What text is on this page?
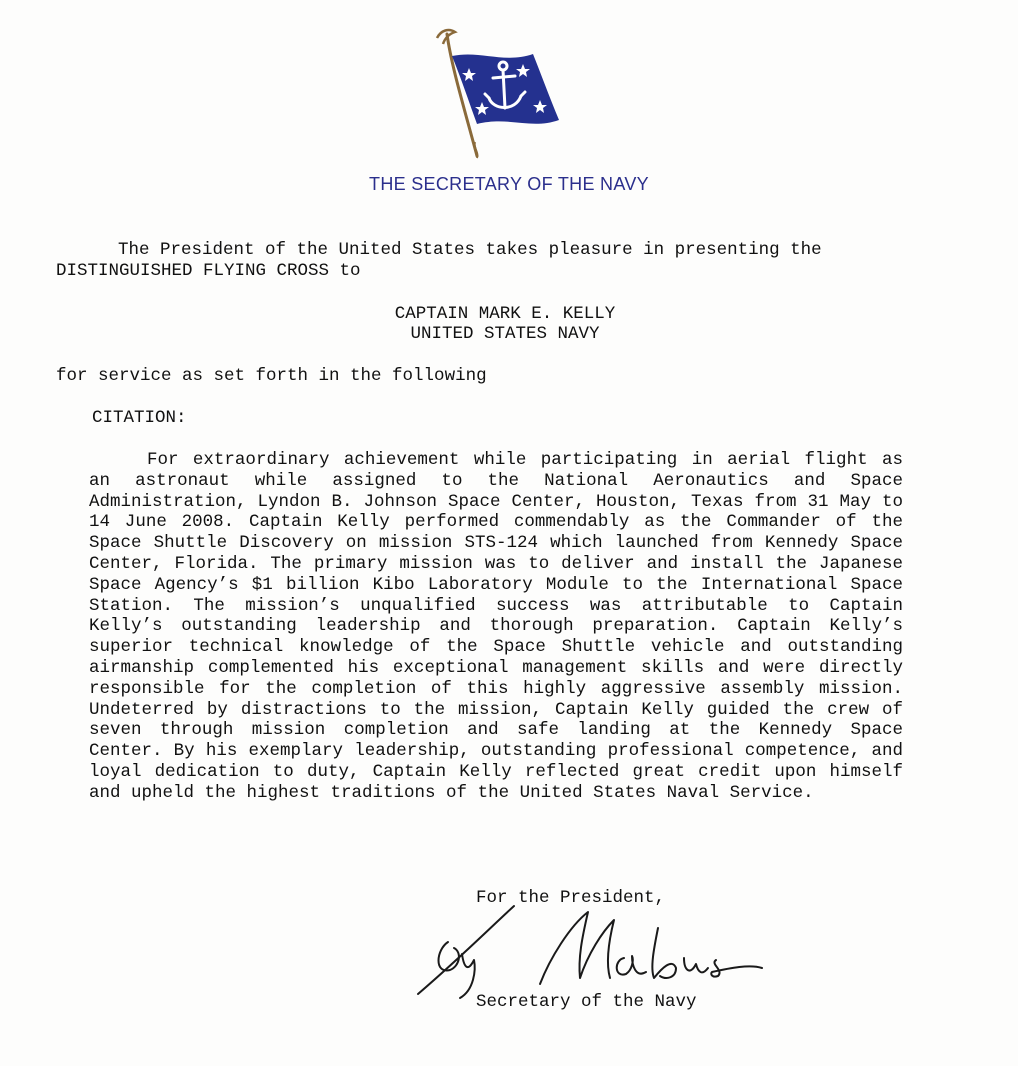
THE SECRETARY OF THE NAVY

The President of the United States takes pleasure in presenting the

DISTINGUISHED FLYING CROSS to

CAPTAIN MARK E. KELLY

UNITED STATES NAVY

for service as set forth in the following

CITATION:

For extraordinary achievement while participating in aerial flight as an astronaut while assigned to the National Aeronautics and Space Administration, Lyndon B. Johnson Space Center, Houston, Texas from 31 May to 14 June 2008. Captain Kelly performed commendably as the Commander of the Space Shuttle Discovery on mission STS-124 which launched from Kennedy Space Center, Florida. The primary mission was to deliver and install the Japanese Space Agency’s $1 billion Kibo Laboratory Module to the International Space Station. The mission’s unqualified success was attributable to Captain Kelly’s outstanding leadership and thorough preparation. Captain Kelly’s superior technical knowledge of the Space Shuttle vehicle and outstanding airmanship complemented his exceptional management skills and were directly responsible for the completion of this highly aggressive assembly mission. Undeterred by distractions to the mission, Captain Kelly guided the crew of seven through mission completion and safe landing at the Kennedy Space Center. By his exemplary leadership, outstanding professional competence, and loyal dedication to duty, Captain Kelly reflected great credit upon himself and upheld the highest traditions of the United States Naval Service.

For the President,

Secretary of the Navy
